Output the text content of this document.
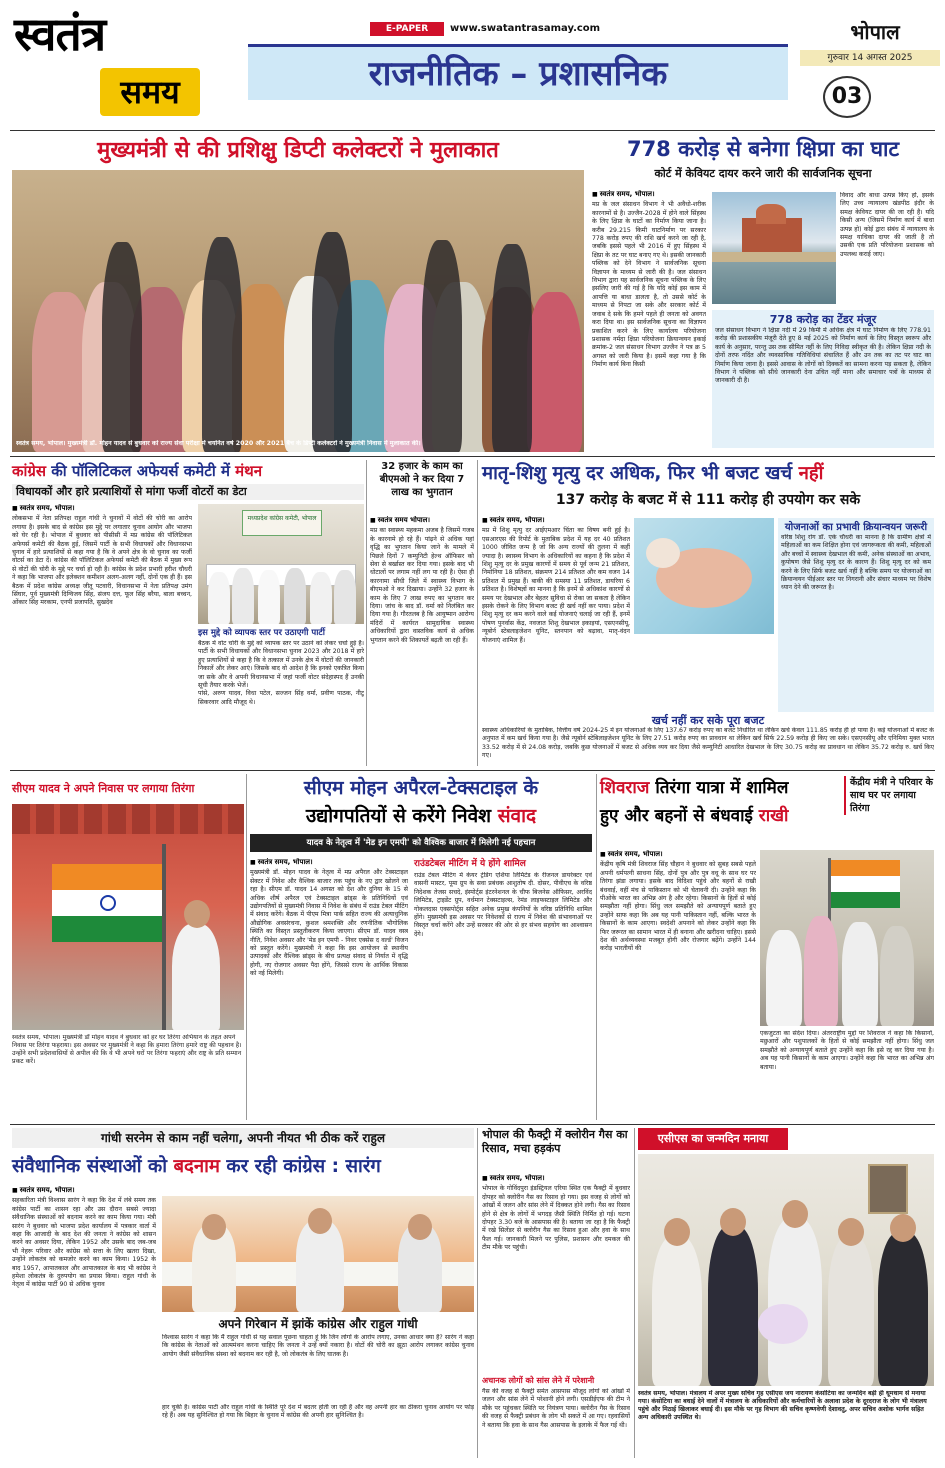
स्वतंत्र
समय
E-PAPER	www.swatantrasamay.com
राजनीतिक – प्रशासनिक
भोपाल
गुरुवार 14 अगस्त 2025
03
मुख्यमंत्री से की प्रशिक्षु डिप्टी कलेक्टरों ने मुलाकात
स्वतंत्र समय, भोपाल। मुख्यमंत्री डॉ. मोहन यादव से बुधवार को राज्य सेवा परीक्षा में चयनित वर्ष 2020 और 2021 बैच के डिप्टी कलेक्टरों ने मुख्यमंत्री निवास में मुलाकात की।
778 करोड़ से बनेगा क्षिप्रा का घाट
कोर्ट में केवियट दायर करने जारी की सार्वजनिक सूचना
■ स्वतंत्र समय, भोपाल।
मप्र के जल संसाधन विभाग ने भी अवैधो-शरीक कारनामों से है। उज्जैन-2028 में होने वाले सिंहस्थ के लिए क्षिप्रा के घाटों का निर्माण किया जाना है। करीब 29.215 किमी घाटनिर्माण पर सरकार 778 करोड़ रुपए की राशि खर्च करने जा रही है, जबकि इससे पहले भी 2016 में हुए सिंहस्थ में क्षिप्रा के तट पर घाट बनाए गए थे। इसकी जानकारी पब्लिक को देने विभाग ने सार्वजनिक सूचना विज्ञापन के माध्यम से जारी की है। जल संसाधन विभाग द्वारा यह सार्वजनिक सूचना पब्लिक के लिए इसलिए जारी की गई है कि यदि कोई इस काम में आपत्ति या बाधा डालता है, तो उससे कोर्ट के माध्यम से निपटा जा सके और सरकार कोर्ट में जवाब दे सके कि हमने पहले ही जनता को अवगत करा दिया था। इस सार्वजनिक सूचना का विज्ञापन प्रकाशित करने के लिए कार्यालय परियोजना प्रशासक नर्मदा क्षिप्रा परियोजना क्रियान्वयन इकाई क्रमांक-2 जल संसाधन विभाग उज्जैन ने पत्र क्र 5 अगस्त को जारी किया है। इसमें कहा गया है कि निर्माण कार्य बिना किसी
विवाद और बाधा उत्पन्न किए हो, इसके लिए उच्च न्यायालय खंडपीठ इंदौर के समक्ष केवियट दायर की जा रही है। यदि किसी अन्य (जिसमें निर्माण कार्य में बाधा उत्पन्न हो) कोई द्वारा संबंध में न्यायालय के समक्ष याचिका दायर की जाती है तो उसकी एक प्रति परियोजना प्रशासक को उपलब्ध कराई जाए।
778 करोड़ का टेंडर मंजूर
जल संसाधन विभाग ने क्षिप्रा नदी में 29 किमी में अधिक क्षेत्र में घाट निर्माण के लिए 778.91 करोड़ की प्रशासकीय मंजूरी देते हुए 8 मई 2025 को निर्माण कार्य के लिए विस्तृत स्वरूप और कार्य के अनुसार, परन्तु उस तक सीमित नहीं के लिए निविदा स्वीकृत की है। लेकिन क्षिप्रा नदी के दोनों तरफ नदिंत और व्यवसायिक गतिविधियां संचालित हैं और उन तक का तट पर घाट का निर्माण किया जाना है। इससे आवास के लोगों को दिक्कतें का सामना करना पड़ सकता है, लेकिन विभाग ने पब्लिक को सीधे जानकारी देना उचित नहीं माना और समाचार पत्रों के माध्यम से जानकारी दी है।
कांग्रेस की पॉलिटिकल अफेयर्स कमेटी में मंथन
विधायकों और हारे प्रत्याशियों से मांगा फर्जी वोटरों का डेटा
■ स्वतंत्र समय, भोपाल।
लोकसभा में नेता प्रतिपक्ष राहुल गांधी ने चुनावों में वोटों की चोरी का आरोप लगाया है। इसके बाद से कांग्रेस इस मुद्दे पर लगातार चुनाव आयोग और भाजपा को घेर रही है। भोपाल में बुधवार को पीसीसी में मप्र कांग्रेस की पॉलिटिकल अफेयर्स कमेटी की बैठक हुई, जिसमें पार्टी के सभी विधायकों और विधानसभा चुनाव में हारे प्रत्याशियों से कहा गया है कि वे अपने क्षेत्र के वो चुनाव का फर्जी वोटर्स का डेटा दें। कांग्रेस की पॉलिटिकल अफेयर्स कमेटी की बैठक में मुख्य रूप से वोटों की चोरी के मुद्दे पर चर्चा हो रही है। कांग्रेस के प्रदेश प्रभारी हरीश चौधरी ने कहा कि भाजपा और इलेक्शन कमीशन अलग-अलग नहीं, दोनों एक ही हैं। इस बैठक में प्रदेश कांग्रेस अध्यक्ष जीतू पटवारी, विधानसभा में नेता प्रतिपक्ष उमंग सिंघार, पूर्व मुख्यमंत्री दिग्विजय सिंह, संजय दत्त, फूल सिंह बरैया, बाला बच्चन, ओंकार सिंह मरकाम, एनपी प्रजापति, सुखदेव
मध्यप्रदेश कांग्रेस कमेटी, भोपाल
इस मुद्दे को व्यापक स्तर पर उठाएगी पार्टी
बैठक में वोट चोरी के मुद्दे को व्यापक स्तर पर उठाने को लेकर चर्चा हुई है। पार्टी के सभी विधायकों और विधानसभा चुनाव 2023 और 2018 में हारे हुए प्रत्याशियों से कहा है कि वे तत्काल में उनके क्षेत्र में वोटरों की जानकारी निकालें और लेकर आएं। जिसके बाद वो आदेश है कि इनको एकत्रित किया जा सके और वे अपनी विधानसभा में जहां फर्जी वोटर संदेहास्पद हैं उनकी सूची तैयार करके भेजें।
पांसे, अरुण यादव, विधा पटेल, सज्जन सिंह वर्मा, प्रवीण पाठक, नीटू सिकरवार आदि मौजूद थे।
32 हजार के काम का बीएमओ ने कर दिया 7 लाख का भुगतान
■ स्वतंत्र समय भोपाल।
मप्र का स्वास्थ्य महकमा अजब है जिसमें गजब के कारनामे हो रहे हैं। पांढ़ने से अधिक यहां वृद्धि का भुगतान किया जाने के मामले में पिछले दिनों 7 कम्युनिटी हेल्थ ऑफिसर को सेवा से बर्खास्त कर दिया गया। इसके बाद भी धोटालों पर लगाम नहीं लग पा रही है। ऐसा ही कारनामा सीधी जिले में स्वास्थ्य विभाग के बीएमओ ने कर दिखाया। उन्होंने 32 हजार के काम के लिए 7 लाख रुपए का भुगतान कर दिया। जांच के बाद डॉ. वर्मा को निलंबित कर दिया गया है। गौरतलब है कि आयुष्मान आरोग्य मंदिरों में कार्यरत सामुदायिक स्वास्थ्य अधिकारियों द्वारा वास्तविक कार्य से अधिक भुगतान करने की शिकायतें बढ़ती जा रही हैं।
मातृ-शिशु मृत्यु दर अधिक, फिर भी बजट खर्च नहीं
137 करोड़ के बजट में से 111 करोड़ ही उपयोग कर सके
■ स्वतंत्र समय, भोपाल।
मप्र में शिशु मृत्यु दर आईएमआर चिंता का विषय बनी हुई है। एसआरएस की रिपोर्ट के मुताबिक प्रदेश में यह दर 40 प्रतिशत 1000 जीवित जन्म है जो कि अन्य राज्यों की तुलना में कहीं ज्यादा है। स्वास्थ्य विभाग के अधिकारियों का कहना है कि प्रदेश में शिशु मृत्यु दर के प्रमुख कारणों में समय से पूर्व जन्म 21 प्रतिशत, निमोनिया 18 प्रतिशत, संक्रमण 214 प्रतिशत और कम वजन 14 प्रतिशत में प्रमुख हैं। बाकी की समस्या 11 प्रतिशत, डायरिया 6 प्रतिशत है। विशेषज्ञों का मानना है कि इनमें से अधिकांश कारणों से समय पर देखभाल और बेहतर सुविधा से रोका जा सकता है लेकिन इसके रोकने के लिए विभाग बजट ही खर्च नहीं कर पाया। प्रदेश में शिशु मृत्यु दर कम करने वाले कई योजनाएं चलाई जा रही हैं, इनमें पोषण पुनर्वास केंद्र, नवजात शिशु देखभाल इकाइयां, एसएनसीयू, न्यूबोर्न स्टेबलाइजेशन यूनिट, स्तनपान को बढ़ावा, मातृ-वंदन योजनाएं शामिल हैं।
योजनाओं का प्रभावी क्रियान्वयन जरूरी
वरिष्ठ शिशु रोग डॉ. एके चौधरी का मानना है कि ग्रामीण क्षेत्रों में महिलाओं का कम शिक्षित होना एवं जागरूकता की कमी, महिलाओं और बच्चों में स्वास्थ्य देखभाल की कमी, अनेक संस्थाओं का अभाव, कुपोषण जैसे शिशु मृत्यु दर के कारण हैं। शिशु मृत्यु दर को कम करने के लिए सिर्फ बजट खर्च नहीं है बल्कि समय पर योजनाओं का क्रियान्वयन पीईआर स्तर पर निगरानी और संचार माध्यम पर विशेष ध्यान देने की जरूरत है।
खर्च नहीं कर सके पूरा बजट
स्वास्थ्य अधिकारियों के मुताबिक, वित्तीय वर्ष 2024-25 में इन योजनाओं के लिए 137.67 करोड़ रुपए का बजट निर्धारित था लेकिन खर्च केवल 111.85 करोड़ ही हो पाया है। कई योजनाओं में बजट के अनुपात में कम खर्च किया गया है। जैसे न्यूबोर्न स्टेबिलाइजेशन यूनिट के लिए 27.51 करोड़ रुपए का प्रावधान था लेकिन खर्च सिर्फ 22.59 करोड़ ही किए जा सके। एसएनसीयू और एनिमिया मुक्त भारत 33.52 करोड़ में से 24.08 करोड़, जबकि कुछ योजनाओं में बजट से अधिक व्यय कर दिया जैसे कम्युनिटी आधारित देखभाल के लिए 30.75 करोड़ का प्रावधान था लेकिन 35.72 करोड़ रु. खर्च किए गए।
सीएम यादव ने अपने निवास पर लगाया तिरंगा
स्वतंत्र समय, भोपाल। मुख्यमंत्री डॉ मोहन यादव ने बुधवार को हर घर तिरंगा अभियान के तहत अपने निवास पर तिरंगा फहराया। इस अवसर पर मुख्यमंत्री ने कहा कि हमारा तिरंगा हमारे राष्ट्र की पहचान है। उन्होंने सभी प्रदेशवासियों से अपील की कि वे भी अपने घरों पर तिरंगा फहराएं और राष्ट्र के प्रति सम्मान प्रकट करें।
सीएम मोहन अपैरल-टेक्सटाइल के
उद्योगपतियों से करेंगे निवेश संवाद
यादव के नेतृत्व में 'मेड इन एमपी' को वैश्विक बाजार में मिलेगी नई पहचान
■ स्वतंत्र समय, भोपाल।
मुख्यमंत्री डॉ. मोहन यादव के नेतृत्व में मप्र अपैरल और टेक्सटाइल सेक्टर में निवेश और वैश्विक बाजार तक पहुंच के नए द्वार खोलने जा रहा है। सीएम डॉ. यादव 14 अगस्त को देश और दुनिया के 15 से अधिक शीर्ष अपैरल एवं टेक्सटाइल ब्रांड्स के प्रतिनिधियों एवं उद्योगपतियों से मुख्यमंत्री निवास में निवेश के संबंध में राउंड टेबल मीटिंग में संवाद करेंगे। बैठक में पीएम मित्रा पार्क सहित राज्य की अत्याधुनिक औद्योगिक अवसंरचना, कुशल श्रमशक्ति और रणनीतिक भौगोलिक स्थिति का विस्तृत प्रस्तुतीकरण किया जाएगा। सीएम डॉ. यादव वस्त्र नीति, निवेश अवसर और 'मेड इन एमपी - निवर एक्सेस द वर्ल्ड' विजन को प्रस्तुत करेंगे। मुख्यमंत्री ने कहा कि इस आयोजन से स्थानीय उत्पादकों और वैश्विक ब्रांड्स के बीच प्रत्यक्ष संवाद से निर्यात में वृद्धि होगी, नए रोजगार अवसर पैदा होंगे, जिससे राज्य के आर्थिक विकास को नई मिलेगी।
राउंडटेबल मीटिंग में ये होंगे शामिल
राउंड टेबल मीटिंग में केयर ट्रेडिंग एशिया लिमिटेड के रीजनल डायरेक्टर एवं वासनी मास्टर, पूमा ग्रुप के सवा प्रबंधक आशुतोष दी. दोसर, पीवीएच के वरिष्ठ निदेशक तेजस सचदे, इंस्पोर्ट्स इंटरनेशनल के चीफ बिजनेस ऑफिसर, अरविंद लिमिटेड, ट्राइडेंट ग्रुप, वर्धमान टेक्सटाइल्स, रेमंड लाइफस्टाइल लिमिटेड और गोकलदास एक्सपोर्ट्स सहित अनेक प्रमुख कंपनियों के वरिष्ठ प्रतिनिधि शामिल होंगे। मुख्यमंत्री इस अवसर पर निवेशकों से राज्य में निवेश की संभावनाओं पर विस्तृत चर्चा करेंगे और उन्हें सरकार की ओर से हर संभव सहयोग का आश्वासन देंगे।
शिवराज तिरंगा यात्रा में शामिल
हुए और बहनों से बंधवाई राखी
केंद्रीय मंत्री ने परिवार के साथ घर पर लगाया तिरंगा
■ स्वतंत्र समय, भोपाल।
केंद्रीय कृषि मंत्री शिवराज सिंह चौहान ने बुधवार को सुबह सबसे पहले अपनी धर्मपत्नी साधना सिंह, दोनों पुत्र और पुत्र वधू के साथ घर पर तिरंगा झंडा लगाया। इसके बाद विदिशा पहुंचे और बहनों से राखी बंधवाई, वहीं मंच से पाकिस्तान को भी चेतावनी दी। उन्होंने कहा कि पीओके भारत का अभिन्न अंग है और रहेगा। किसानों के हितों से कोई समझौता नहीं होगा। सिंधु जल समझौते को अन्यायपूर्ण बताते हुए उन्होंने साफ कहा कि अब यह पानी पाकिस्तान नहीं, बल्कि भारत के किसानों के काम आएगा। स्वदेशी अपनाने को लेकर उन्होंने कहा कि फिर जरूरत का सामान भारत में ही बनाना और खरीदना चाहिए। इससे देश की अर्थव्यवस्था मजबूत होगी और रोजगार बढ़ेंगे। उन्होंने 144 करोड़ भारतीयों की
एकजुटता का संदेश दिया। अंतरराष्ट्रीय मुद्दों पर शिवराज ने कहा कि किसानों, मछुआरों और पशुपालकों के हितों से कोई समझौता नहीं होगा। सिंधु जल समझौते को अन्यायपूर्ण बताते हुए उन्होंने कहा कि इसे रद्द कर दिया गया है। अब यह पानी किसानों के काम आएगा। उन्होंने कहा कि भारत का अभिन्न अंग बताया।
गांधी सरनेम से काम नहीं चलेगा, अपनी नीयत भी ठीक करें राहुल
संवैधानिक संस्थाओं को बदनाम कर रही कांग्रेस : सारंग
■ स्वतंत्र समय, भोपाल।
सहकारिता मंत्री विश्वास सारंग ने कहा कि देश में लंबे समय तक कांग्रेस पार्टी का शासन रहा और उस दौरान सबसे ज्यादा संवैधानिक संस्थाओं को बदनाम करने का काम किया गया। मंत्री सारंग ने बुधवार को भाजपा प्रदेश कार्यालय में पत्रकार वार्ता में कहा कि आजादी के बाद देश की जनता ने कांग्रेस को शासन करने का अवसर दिया, लेकिन 1952 और उसके बाद जब-जब भी नेहरू परिवार और कांग्रेस को सत्ता के लिए खतरा दिखा, उन्होंने लोकतंत्र को कमजोर करने का काम किया। 1952 के बाद 1957, आपातकाल और आपातकाल के बाद भी कांग्रेस ने हमेशा लोकतंत्र के दुरुपयोग का प्रयास किया। राहुल गांधी के नेतृत्व में कांग्रेस पार्टी 90 से अधिक चुनाव
अपने गिरेबान में झांकें कांग्रेस और राहुल गांधी
विश्वास सारंग ने कहा कि मैं राहुल गांधी से यह सवाल पूछना चाहता हूं कि जिन लोगों के आरोप लगाए, उनका आधार क्या है? सारंग ने कहा कि कांग्रेस के नेताओं को आत्ममंथन करना चाहिए कि जनता ने उन्हें क्यों नकारा है। वोटों की चोरी का झूठा आरोप लगाकर कांग्रेस चुनाव आयोग जैसी संवैधानिक संस्था को बदनाम कर रही है, जो लोकतंत्र के लिए घातक है।
हार चुकी है। कांग्रेस पार्टी और राहुल गांधी के स्थिति पूरे देश में बदतर होती जा रही है और वह अपनी हार का ठीकरा चुनाव आयोग पर फोड़ रहे हैं। अब यह सुनिश्चित हो गया कि बिहार के चुनाव में कांग्रेस की अपनी हार सुनिश्चित है।
भोपाल की फैक्ट्री में क्लोरीन गैस का रिसाव, मचा हड़कंप
■ स्वतंत्र समय, भोपाल।
भोपाल के गोविंदपुरा इंडस्ट्रियल एरिया स्थित एक फैक्ट्री में बुधवार दोपहर को क्लोरीन गैस का रिसाव हो गया। इस वजह से लोगों को आंखों में जलन और सांस लेने में दिक्कत होने लगी। गैस का रिसाव होने से क्षेत्र के लोगों में भगदड़ जैसी स्थिति निर्मित हो गई। घटना दोपहर 3.30 बजे के आसपास की है। बताया जा रहा है कि फैक्ट्री में रखे सिलेंडर से क्लोरीन गैस का रिसाव हुआ और हवा के साथ फैल गई। जानकारी मिलने पर पुलिस, प्रशासन और दमकल की टीम मौके पर पहुंची।
अचानक लोगों को सांस लेने में परेशानी
गैस की वजह से फैक्ट्री समेत आसपास मौजूद लोगों को आंखों में जलन और सांस लेने में परेशानी होने लगी। एसडीईएफ की टीम ने मौके पर पहुंचकर स्थिति पर नियंत्रण पाया। क्लोरीन गैस के रिसाव की वजह से फैक्ट्री प्रबंधन के लोग भी सकते में आ गए। रहवासियों ने बताया कि हवा के साथ गैस आसपास के इलाके में फैल गई थी।
एसीएस का जन्मदिन मनाया
स्वतंत्र समय, भोपाल। मंत्रालय में अपर मुख्य सचिव गृह एसीएस जय नारायण कंसोटिया का जन्मदिन बड़ी ही धूमधाम से मनाया गया। कंसोटिया का बधाई देने वालों में मंत्रालय के अधिकारियों और कर्मचारियों के अलावा प्रदेश के दूरदराज के लोग भी मंत्रालय पहुंचे और मिठाई खिलाकर बधाई दी। इस मौके पर गृह विभाग की सचिव कृष्णवेणी देशावतु, अपर सचिव अशोक भार्गव सहित अन्य अधिकारी उपस्थित थे।
